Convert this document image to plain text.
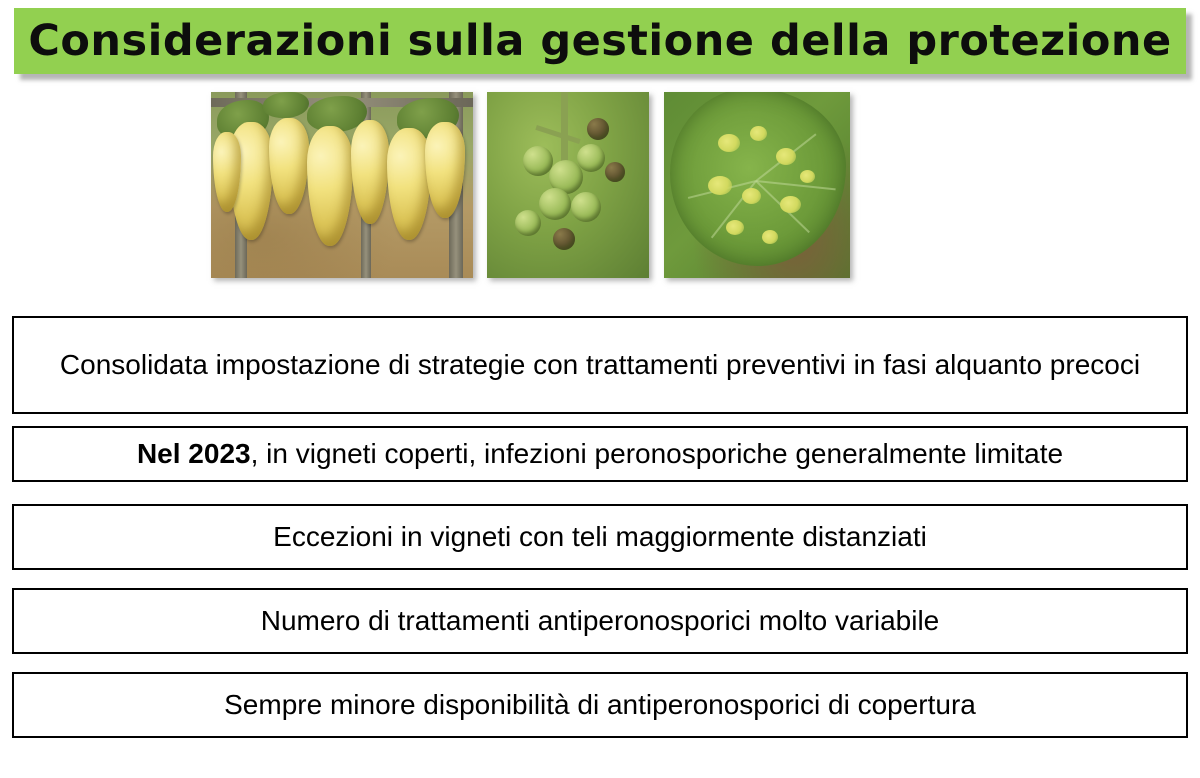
Considerazioni sulla gestione della protezione
Consolidata impostazione di strategie con trattamenti preventivi in fasi alquanto precoci
Nel 2023, in vigneti coperti, infezioni peronosporiche generalmente limitate
Eccezioni in vigneti con teli maggiormente distanziati
Numero di trattamenti antiperonosporici molto variabile
Sempre minore disponibilità di antiperonosporici di copertura
